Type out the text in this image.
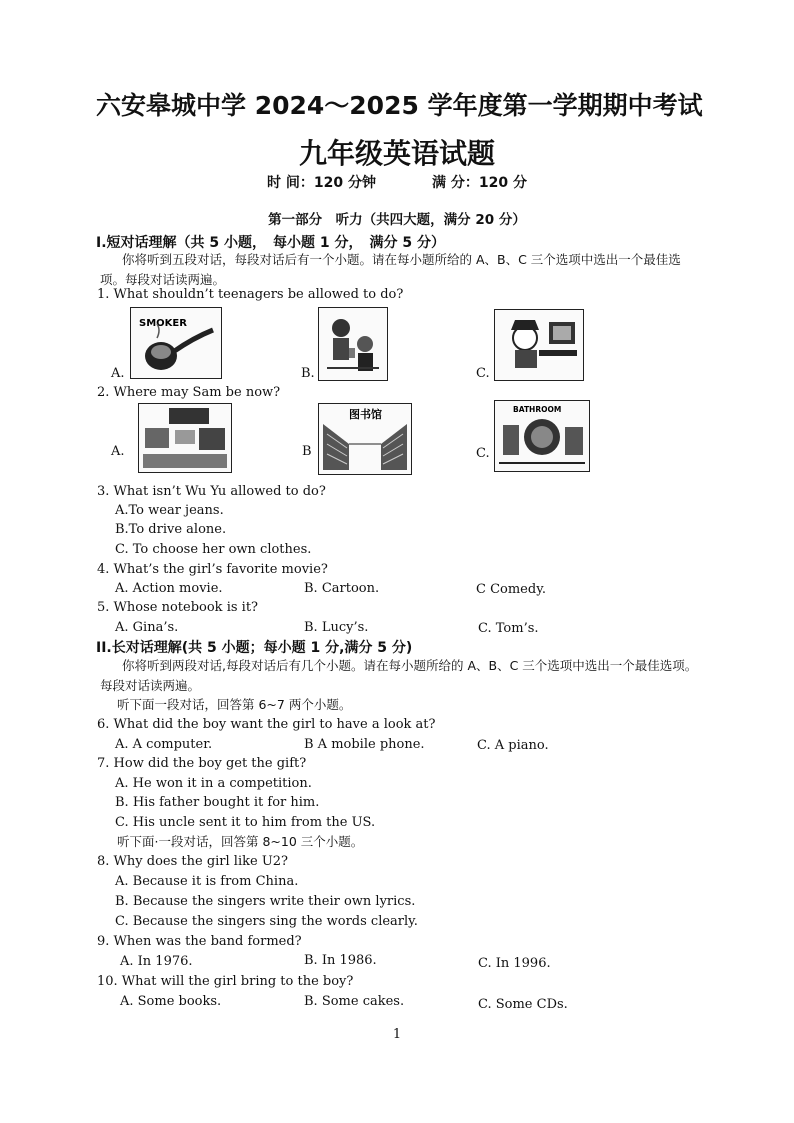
六安皋城中学 2024～2025 学年度第一学期期中考试
九年级英语试题
时 间：120 分钟	满 分：120 分
第一部分　听力（共四大题，满分 20 分）
I.短对话理解（共 5 小题，　每小题 1 分，　满分 5 分）
你将听到五段对话，每段对话后有一个小题。请在每小题所给的 A、B、C 三个选项中选出一个最佳选项。每段对话读两遍。
1. What shouldn’t teenagers be allowed to do?
A.
SMOKER
B.	C.
2. Where may Sam be now?
A.	B
图书馆
C.
BATHROOM
3. What isn’t Wu Yu allowed to do?
A.To wear jeans.
B.To drive alone.
C. To choose her own clothes.
4. What’s the girl’s favorite movie?
A. Action movie.	B. Cartoon.	C Comedy.
5. Whose notebook is it?
A. Gina’s.	B. Lucy’s.	C. Tom’s.
II.长对话理解(共 5 小题；每小题 1 分,满分 5 分)
你将听到两段对话,每段对话后有几个小题。请在每小题所给的 A、B、C 三个选项中选出一个最佳选项。每段对话读两遍。
听下面一段对话，回答第 6~7 两个小题。
6. What did the boy want the girl to have a look at?
A. A computer.	B A mobile phone.	C. A piano.
7. How did the boy get the gift?
A. He won it in a competition.
B. His father bought it for him.
C. His uncle sent it to him from the US.
听下面·一段对话，回答第 8~10 三个小题。
8. Why does the girl like U2?
A. Because it is from China.
B. Because the singers write their own lyrics.
C. Because the singers sing the words clearly.
9. When was the band formed?
A. In 1976.	B. In 1986.	C. In 1996.
10. What will the girl bring to the boy?
A. Some books.	B. Some cakes.	C. Some CDs.
1
